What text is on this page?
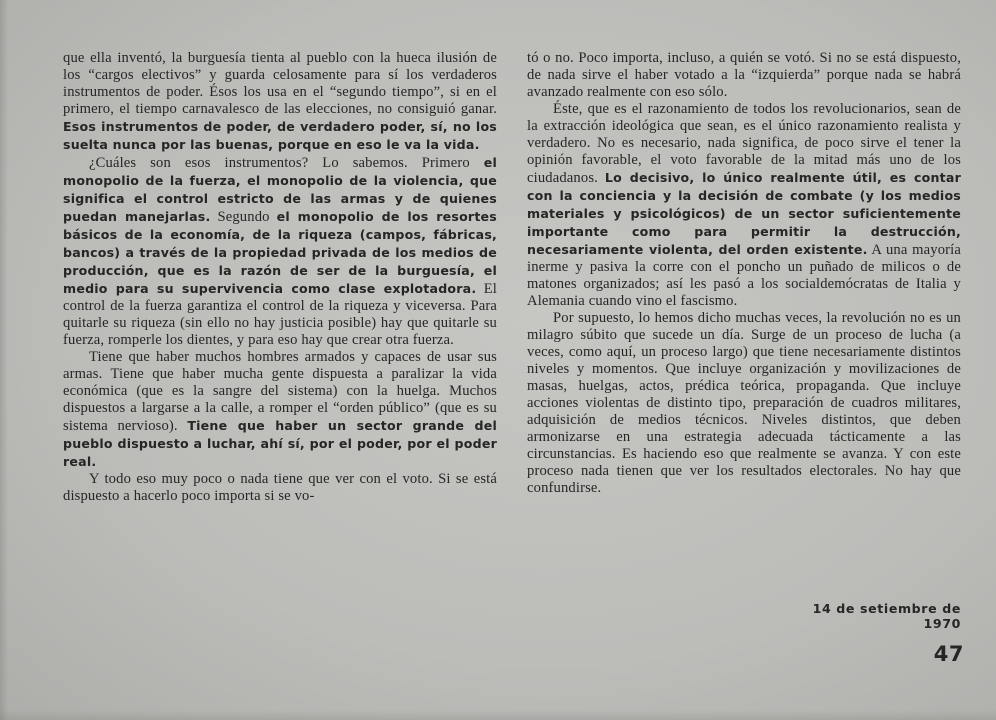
que ella inventó, la burguesía tienta al pueblo con la hueca ilusión de los “cargos electivos” y guarda celosamente para sí los verdaderos instrumentos de poder. Ésos los usa en el “segundo tiempo”, si en el primero, el tiempo carnavalesco de las elecciones, no consiguió ganar. Esos instrumentos de poder, de verdadero poder, sí, no los suelta nunca por las buenas, porque en eso le va la vida.

¿Cuáles son esos instrumentos? Lo sabemos. Primero el monopolio de la fuerza, el monopolio de la violencia, que significa el control estricto de las armas y de quienes puedan manejarlas. Segundo el monopolio de los resortes básicos de la economía, de la riqueza (campos, fábricas, bancos) a través de la propiedad privada de los medios de producción, que es la razón de ser de la burguesía, el medio para su supervivencia como clase explotadora. El control de la fuerza garantiza el control de la riqueza y viceversa. Para quitarle su riqueza (sin ello no hay justicia posible) hay que quitarle su fuerza, romperle los dientes, y para eso hay que crear otra fuerza.

Tiene que haber muchos hombres armados y capaces de usar sus armas. Tiene que haber mucha gente dispuesta a paralizar la vida económica (que es la sangre del sistema) con la huelga. Muchos dispuestos a largarse a la calle, a romper el “orden público” (que es su sistema nervioso). Tiene que haber un sector grande del pueblo dispuesto a luchar, ahí sí, por el poder, por el poder real.

Y todo eso muy poco o nada tiene que ver con el voto. Si se está dispuesto a hacerlo poco importa si se vo-

tó o no. Poco importa, incluso, a quién se votó. Si no se está dispuesto, de nada sirve el haber votado a la “izquierda” porque nada se habrá avanzado realmente con eso sólo.

Éste, que es el razonamiento de todos los revolucionarios, sean de la extracción ideológica que sean, es el único razonamiento realista y verdadero. No es necesario, nada significa, de poco sirve el tener la opinión favorable, el voto favorable de la mitad más uno de los ciudadanos. Lo decisivo, lo único realmente útil, es contar con la conciencia y la decisión de combate (y los medios materiales y psicológicos) de un sector suficientemente importante como para permitir la destrucción, necesariamente violenta, del orden existente. A una mayoría inerme y pasiva la corre con el poncho un puñado de milicos o de matones organizados; así les pasó a los socialdemócratas de Italia y Alemania cuando vino el fascismo.

Por supuesto, lo hemos dicho muchas veces, la revolución no es un milagro súbito que sucede un día. Surge de un proceso de lucha (a veces, como aquí, un proceso largo) que tiene necesariamente distintos niveles y momentos. Que incluye organización y movilizaciones de masas, huelgas, actos, prédica teórica, propaganda. Que incluye acciones violentas de distinto tipo, preparación de cuadros militares, adquisición de medios técnicos. Niveles distintos, que deben armonizarse en una estrategia adecuada tácticamente a las circunstancias. Es haciendo eso que realmente se avanza. Y con este proceso nada tienen que ver los resultados electorales. No hay que confundirse.

14 de setiembre de 1970
47
